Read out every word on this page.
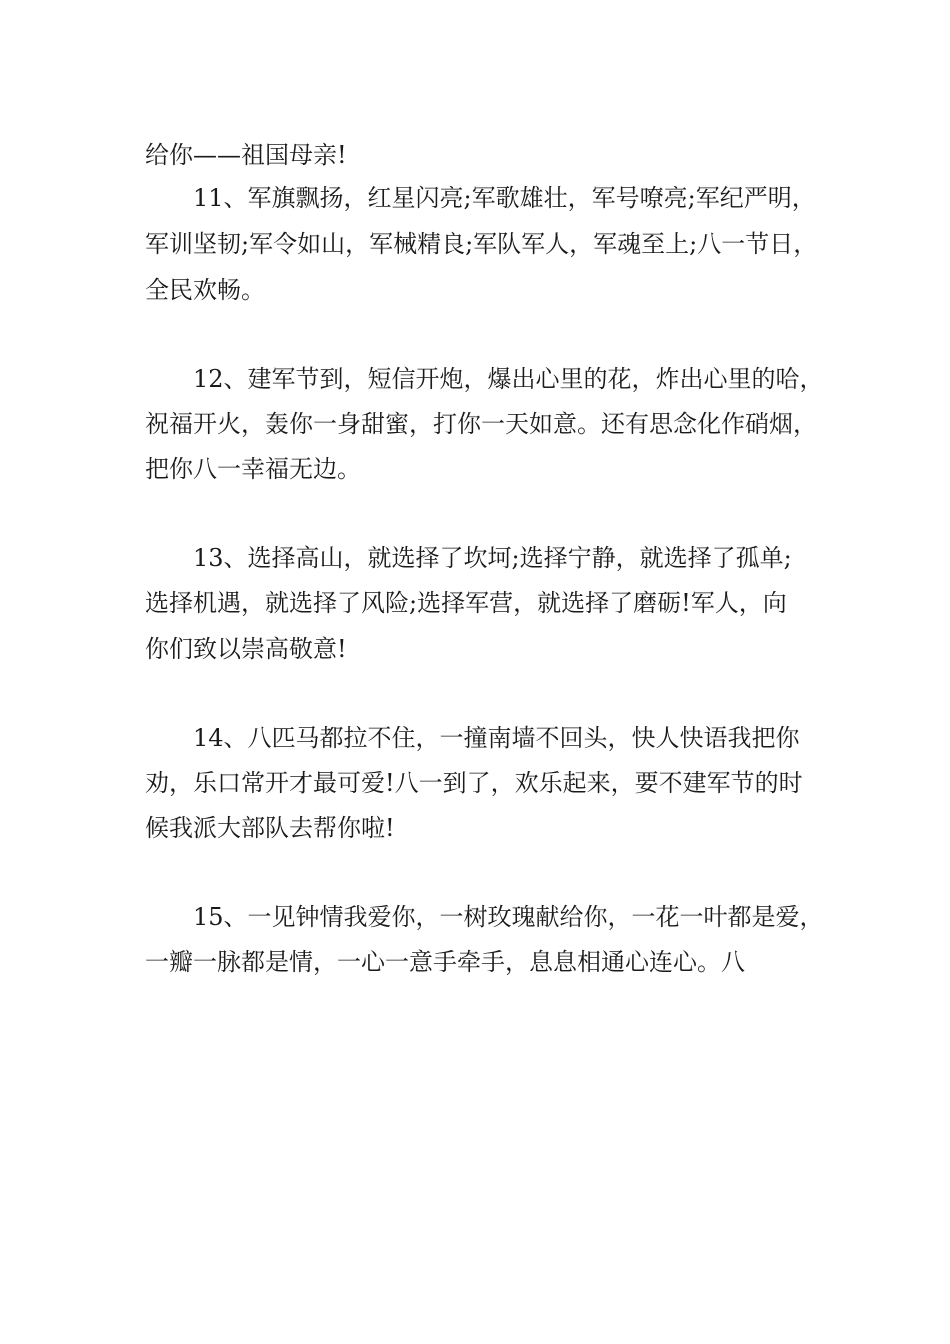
给你——祖国母亲!
11、军旗飘扬，红星闪亮;军歌雄壮，军号嘹亮;军纪严明，
军训坚韧;军令如山，军械精良;军队军人，军魂至上;八一节日，
全民欢畅。
12、建军节到，短信开炮，爆出心里的花，炸出心里的哈，
祝福开火，轰你一身甜蜜，打你一天如意。还有思念化作硝烟，
把你八一幸福无边。
13、选择高山，就选择了坎坷;选择宁静，就选择了孤单;
选择机遇，就选择了风险;选择军营，就选择了磨砺!军人，向
你们致以崇高敬意!
14、八匹马都拉不住，一撞南墙不回头，快人快语我把你
劝，乐口常开才最可爱!八一到了，欢乐起来，要不建军节的时
候我派大部队去帮你啦!
15、一见钟情我爱你，一树玫瑰献给你，一花一叶都是爱，
一瓣一脉都是情，一心一意手牵手，息息相通心连心。八
